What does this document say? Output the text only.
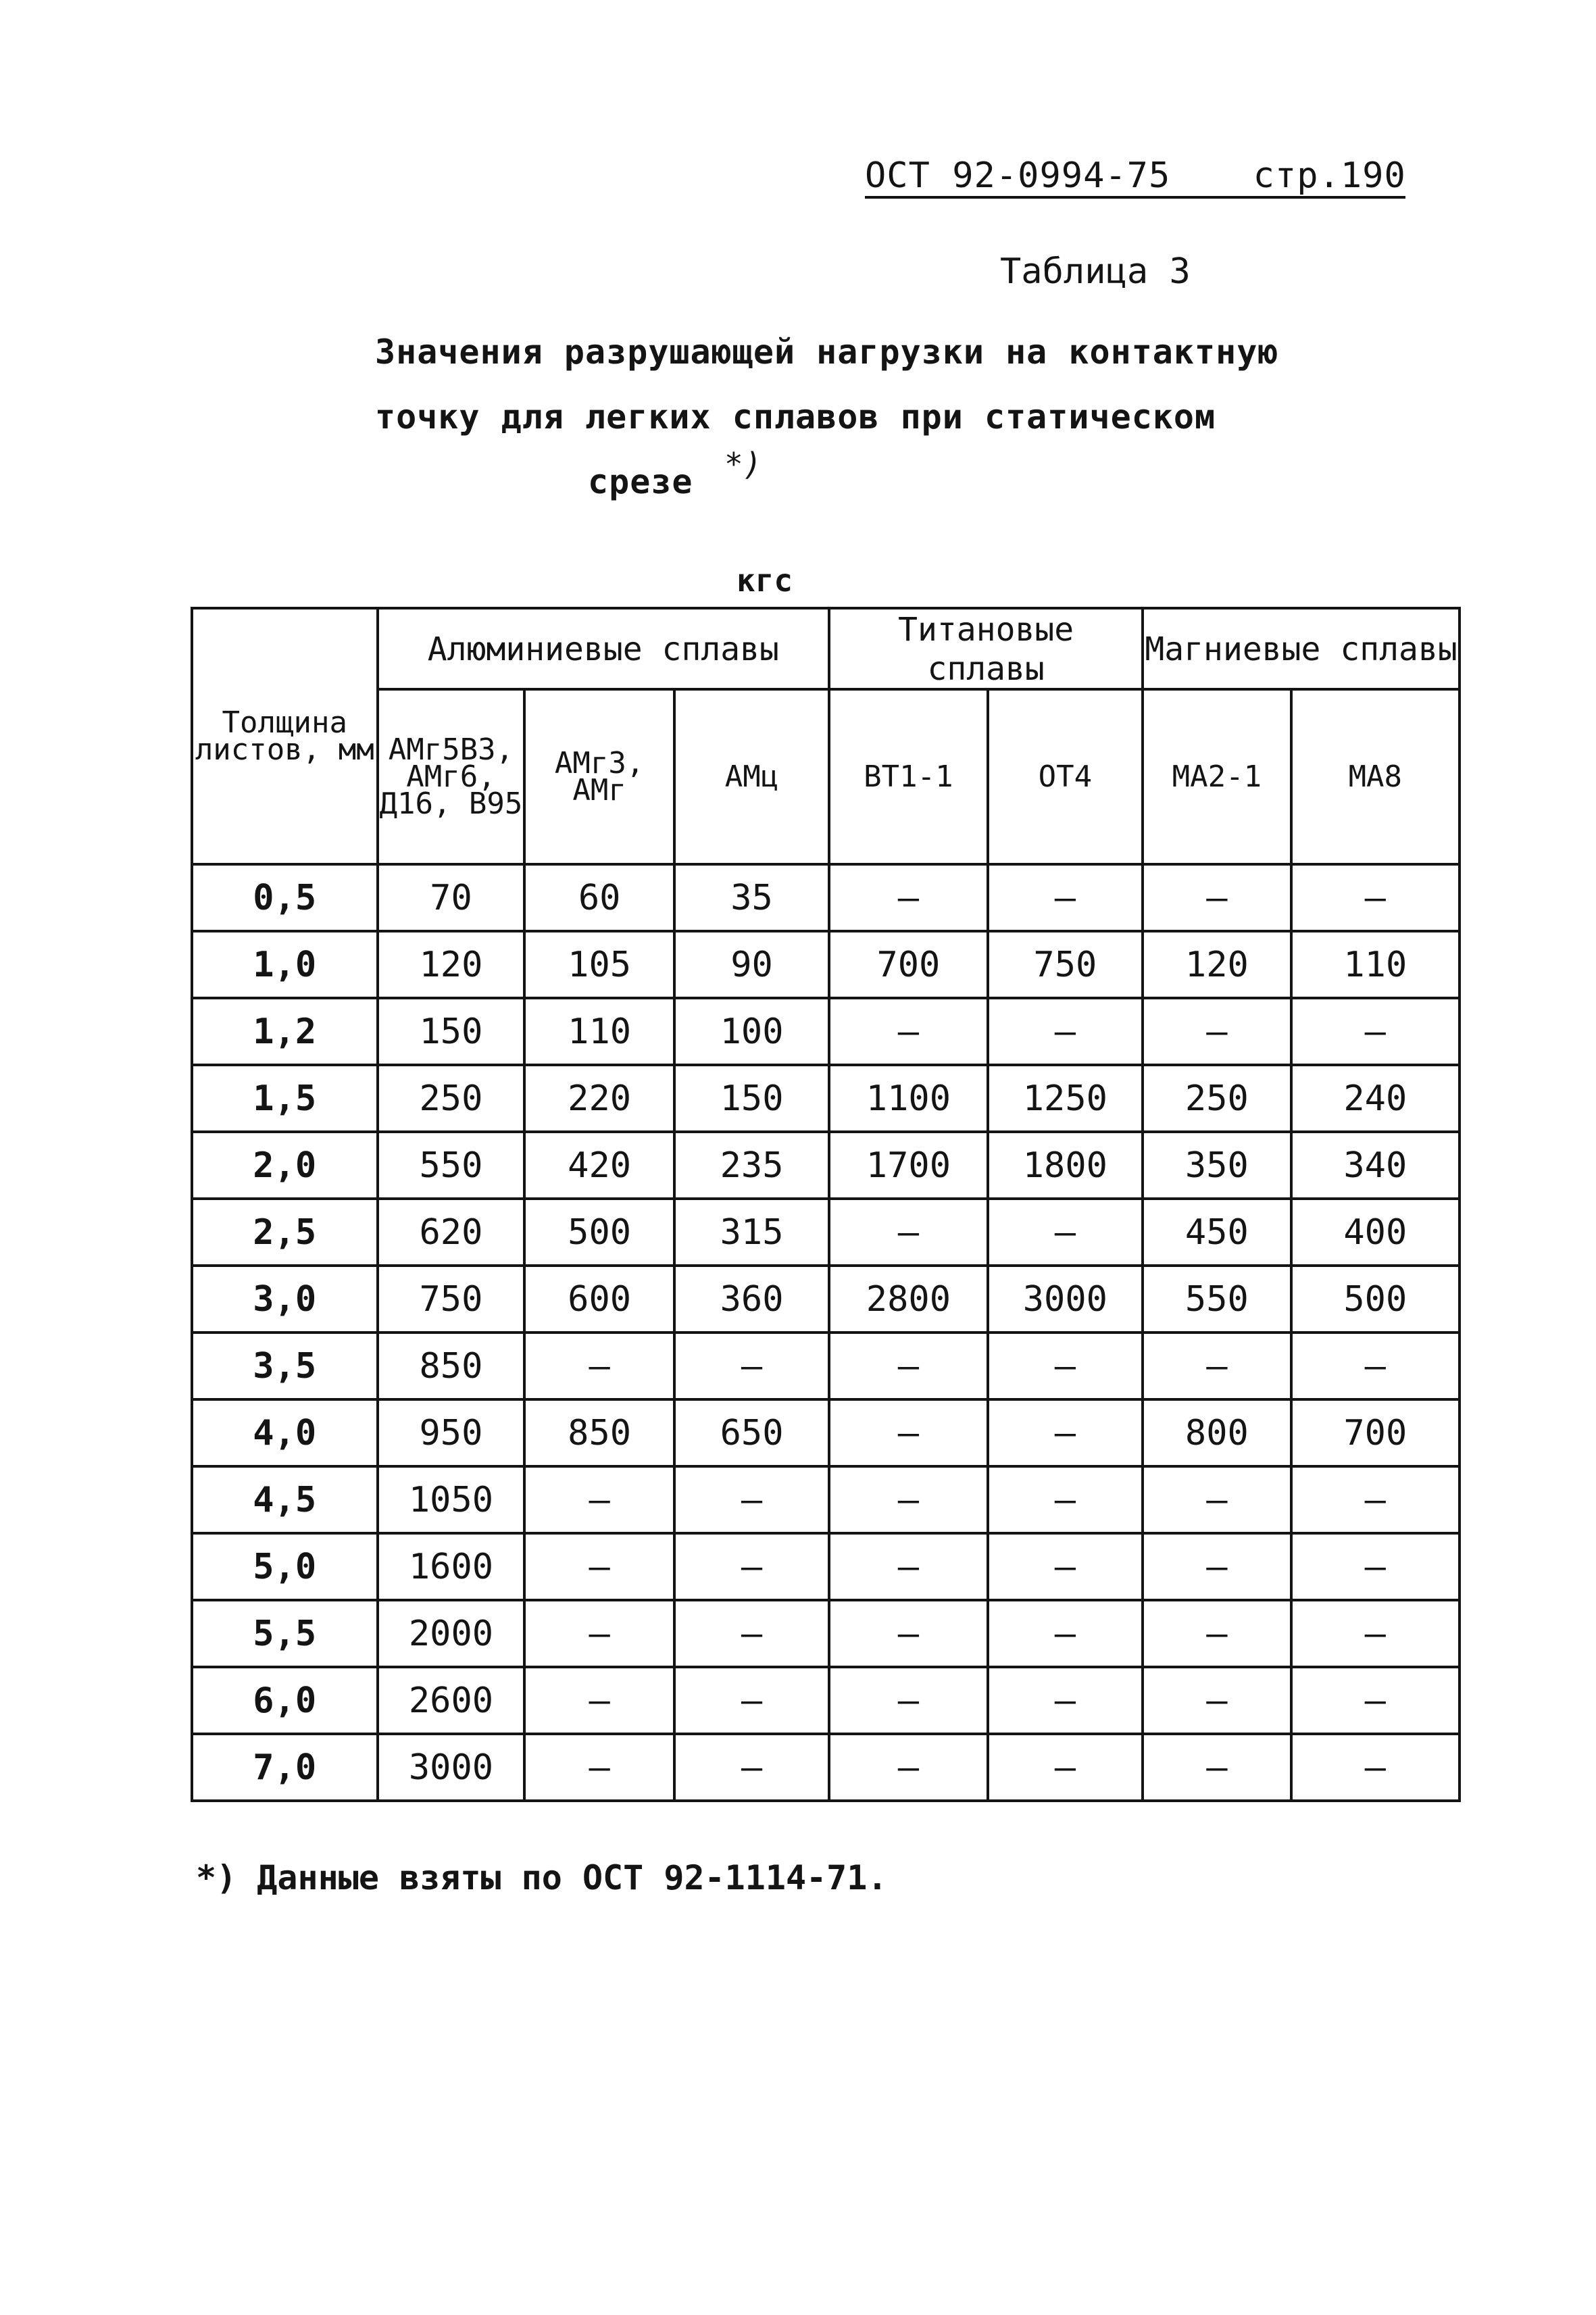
ОСТ 92-0994-75 стр.190
Таблица 3
Значения разрушающей нагрузки на контактную
точку для легких сплавов при статическом
срезе *)
кгс
Толщина листов, мм	Алюминиевые сплавы			Титановые сплавы		Магниевые сплавы	

	АМг5В3, АМг6, Д16, В95	АМг3, АМг	АМц	ВТ1-1	ОТ4	МА2-1	МА8

0,5	70	60	35	–	–	–	–
1,0	120	105	90	700	750	120	110
1,2	150	110	100	–	–	–	–
1,5	250	220	150	1100	1250	250	240
2,0	550	420	235	1700	1800	350	340
2,5	620	500	315	–	–	450	400
3,0	750	600	360	2800	3000	550	500
3,5	850	–	–	–	–	–	–
4,0	950	850	650	–	–	800	700
4,5	1050	–	–	–	–	–	–
5,0	1600	–	–	–	–	–	–
5,5	2000	–	–	–	–	–	–
6,0	2600	–	–	–	–	–	–
7,0	3000	–	–	–	–	–	–
*) Данные взяты по ОСТ 92-1114-71.
